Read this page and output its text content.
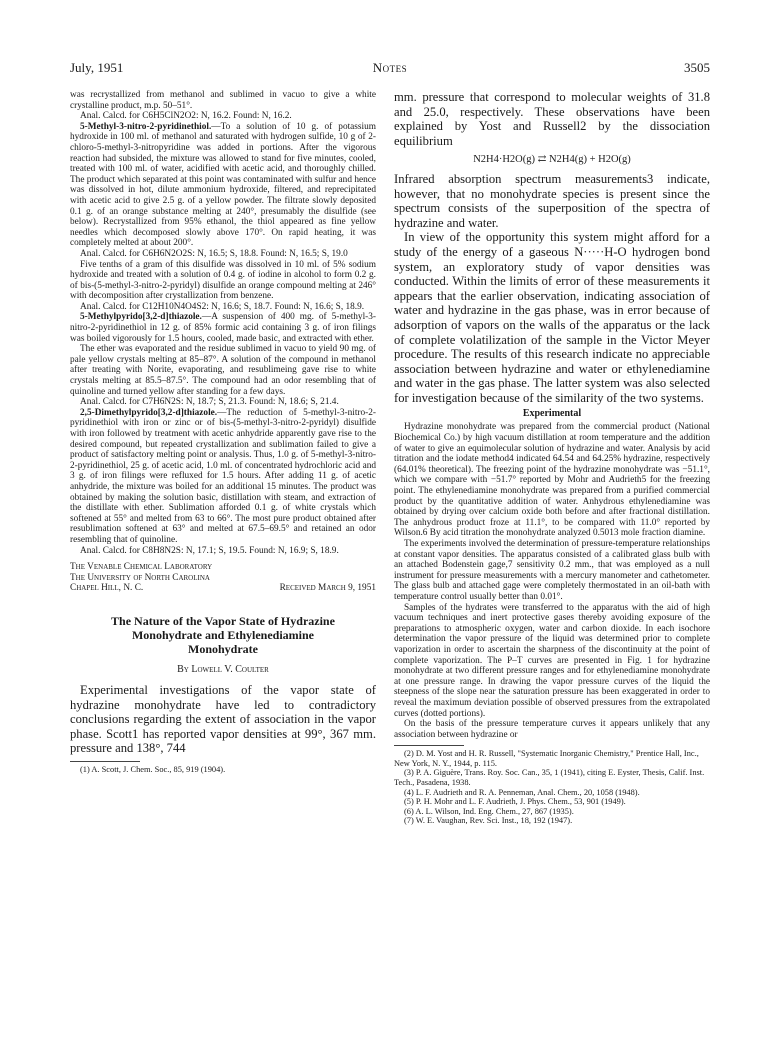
July, 1951	Notes	3505

was recrystallized from methanol and sublimed in vacuo to give a white crystalline product, m.p. 50–51°.

Anal. Calcd. for C6H5ClN2O2: N, 16.2. Found: N, 16.2.

5-Methyl-3-nitro-2-pyridinethiol.—To a solution of 10 g. of potassium hydroxide in 100 ml. of methanol and saturated with hydrogen sulfide, 10 g of 2-chloro-5-methyl-3-nitropyridine was added in portions. After the vigorous reaction had subsided, the mixture was allowed to stand for five minutes, cooled, treated with 100 ml. of water, acidified with acetic acid, and thoroughly chilled. The product which separated at this point was contaminated with sulfur and hence was dissolved in hot, dilute ammonium hydroxide, filtered, and reprecipitated with acetic acid to give 2.5 g. of a yellow powder. The filtrate slowly deposited 0.1 g. of an orange substance melting at 240°, presumably the disulfide (see below). Recrystallized from 95% ethanol, the thiol appeared as fine yellow needles which decomposed slowly above 170°. On rapid heating, it was completely melted at about 200°.

Anal. Calcd. for C6H6N2O2S: N, 16.5; S, 18.8. Found: N, 16.5; S, 19.0

Five tenths of a gram of this disulfide was dissolved in 10 ml. of 5% sodium hydroxide and treated with a solution of 0.4 g. of iodine in alcohol to form 0.2 g. of bis-(5-methyl-3-nitro-2-pyridyl) disulfide an orange compound melting at 246° with decomposition after crystallization from benzene.

Anal. Calcd. for C12H10N4O4S2: N, 16.6; S, 18.7. Found: N, 16.6; S, 18.9.

5-Methylpyrido[3,2-d]thiazole.—A suspension of 400 mg. of 5-methyl-3-nitro-2-pyridinethiol in 12 g. of 85% formic acid containing 3 g. of iron filings was boiled vigorously for 1.5 hours, cooled, made basic, and extracted with ether.

The ether was evaporated and the residue sublimed in vacuo to yield 90 mg. of pale yellow crystals melting at 85–87°. A solution of the compound in methanol after treating with Norite, evaporating, and resublimeing gave rise to white crystals melting at 85.5–87.5°. The compound had an odor resembling that of quinoline and turned yellow after standing for a few days.

Anal. Calcd. for C7H6N2S: N, 18.7; S, 21.3. Found: N, 18.6; S, 21.4.

2,5-Dimethylpyrido[3,2-d]thiazole.—The reduction of 5-methyl-3-nitro-2-pyridinethiol with iron or zinc or of bis-(5-methyl-3-nitro-2-pyridyl) disulfide with iron followed by treatment with acetic anhydride apparently gave rise to the desired compound, but repeated crystallization and sublimation failed to give a product of satisfactory melting point or analysis. Thus, 1.0 g. of 5-methyl-3-nitro-2-pyridinethiol, 25 g. of acetic acid, 1.0 ml. of concentrated hydrochloric acid and 3 g. of iron filings were refluxed for 1.5 hours. After adding 11 g. of acetic anhydride, the mixture was boiled for an additional 15 minutes. The product was obtained by making the solution basic, distillation with steam, and extraction of the distillate with ether. Sublimation afforded 0.1 g. of white crystals which softened at 55° and melted from 63 to 66°. The most pure product obtained after resublimation softened at 63° and melted at 67.5–69.5° and retained an odor resembling that of quinoline.

Anal. Calcd. for C8H8N2S: N, 17.1; S, 19.5. Found: N, 16.9; S, 18.9.

The Venable Chemical Laboratory
The University of North Carolina
Chapel Hill, N. C.	Received March 9, 1951
The Nature of the Vapor State of Hydrazine
Monohydrate and Ethylenediamine
Monohydrate
By Lowell V. Coulter

Experimental investigations of the vapor state of hydrazine monohydrate have led to contradictory conclusions regarding the extent of association in the vapor phase. Scott1 has reported vapor densities at 99°, 367 mm. pressure and 138°, 744

(1) A. Scott, J. Chem. Soc., 85, 919 (1904).

mm. pressure that correspond to molecular weights of 31.8 and 25.0, respectively. These observations have been explained by Yost and Russell2 by the dissociation equilibrium

N2H4·H2O(g) ⇄ N2H4(g) + H2O(g)

Infrared absorption spectrum measurements3 indicate, however, that no monohydrate species is present since the spectrum consists of the superposition of the spectra of hydrazine and water.

In view of the opportunity this system might afford for a study of the energy of a gaseous N·····H-O hydrogen bond system, an exploratory study of vapor densities was conducted. Within the limits of error of these measurements it appears that the earlier observation, indicating association of water and hydrazine in the gas phase, was in error because of adsorption of vapors on the walls of the apparatus or the lack of complete volatilization of the sample in the Victor Meyer procedure. The results of this research indicate no appreciable association between hydrazine and water or ethylenediamine and water in the gas phase. The latter system was also selected for investigation because of the similarity of the two systems.

Experimental

Hydrazine monohydrate was prepared from the commercial product (National Biochemical Co.) by high vacuum distillation at room temperature and the addition of water to give an equimolecular solution of hydrazine and water. Analysis by acid titration and the iodate method4 indicated 64.54 and 64.25% hydrazine, respectively (64.01% theoretical). The freezing point of the hydrazine monohydrate was −51.1°, which we compare with −51.7° reported by Mohr and Audrieth5 for the freezing point. The ethylenediamine monohydrate was prepared from a purified commercial product by the quantitative addition of water. Anhydrous ethylenediamine was obtained by drying over calcium oxide both before and after fractional distillation. The anhydrous product froze at 11.1°, to be compared with 11.0° reported by Wilson.6 By acid titration the monohydrate analyzed 0.5013 mole fraction diamine.

The experiments involved the determination of pressure-temperature relationships at constant vapor densities. The apparatus consisted of a calibrated glass bulb with an attached Bodenstein gage,7 sensitivity 0.2 mm., that was employed as a null instrument for pressure measurements with a mercury manometer and cathetometer. The glass bulb and attached gage were completely thermostated in an oil-bath with temperature control usually better than 0.01°.

Samples of the hydrates were transferred to the apparatus with the aid of high vacuum techniques and inert protective gases thereby avoiding exposure of the preparations to atmospheric oxygen, water and carbon dioxide. In each isochore determination the vapor pressure of the liquid was determined prior to complete vaporization in order to ascertain the sharpness of the discontinuity at the point of complete vaporization. The P–T curves are presented in Fig. 1 for hydrazine monohydrate at two different pressure ranges and for ethylenediamine monohydrate at one pressure range. In drawing the vapor pressure curves of the liquid the steepness of the slope near the saturation pressure has been exaggerated in order to reveal the maximum deviation possible of observed pressures from the extrapolated curves (dotted portions).

On the basis of the pressure temperature curves it appears unlikely that any association between hydrazine or

(2) D. M. Yost and H. R. Russell, "Systematic Inorganic Chemistry," Prentice Hall, Inc., New York, N. Y., 1944, p. 115.

(3) P. A. Giguère, Trans. Roy. Soc. Can., 35, 1 (1941), citing E. Eyster, Thesis, Calif. Inst. Tech., Pasadena, 1938.

(4) L. F. Audrieth and R. A. Penneman, Anal. Chem., 20, 1058 (1948).

(5) P. H. Mohr and L. F. Audrieth, J. Phys. Chem., 53, 901 (1949).

(6) A. L. Wilson, Ind. Eng. Chem., 27, 867 (1935).

(7) W. E. Vaughan, Rev. Sci. Inst., 18, 192 (1947).
